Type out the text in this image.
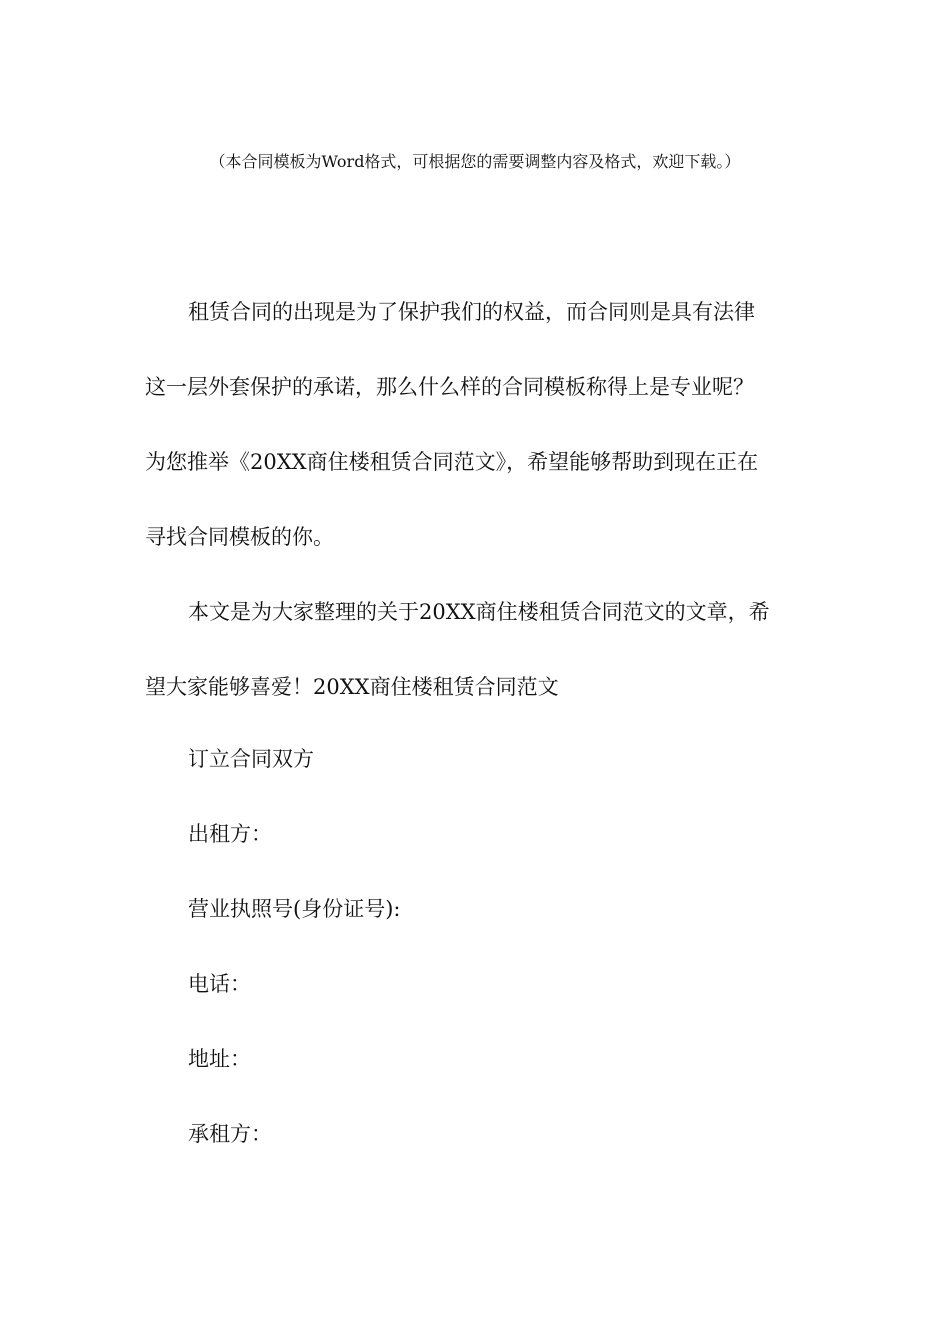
（本合同模板为Word格式，可根据您的需要调整内容及格式，欢迎下载。）
租赁合同的出现是为了保护我们的权益，而合同则是具有法律
这一层外套保护的承诺，那么什么样的合同模板称得上是专业呢？
为您推举《20XX商住楼租赁合同范文》，希望能够帮助到现在正在
寻找合同模板的你。
本文是为大家整理的关于20XX商住楼租赁合同范文的文章，希
望大家能够喜爱！20XX商住楼租赁合同范文
订立合同双方
出租方：
营业执照号(身份证号):
电话：
地址：
承租方：
